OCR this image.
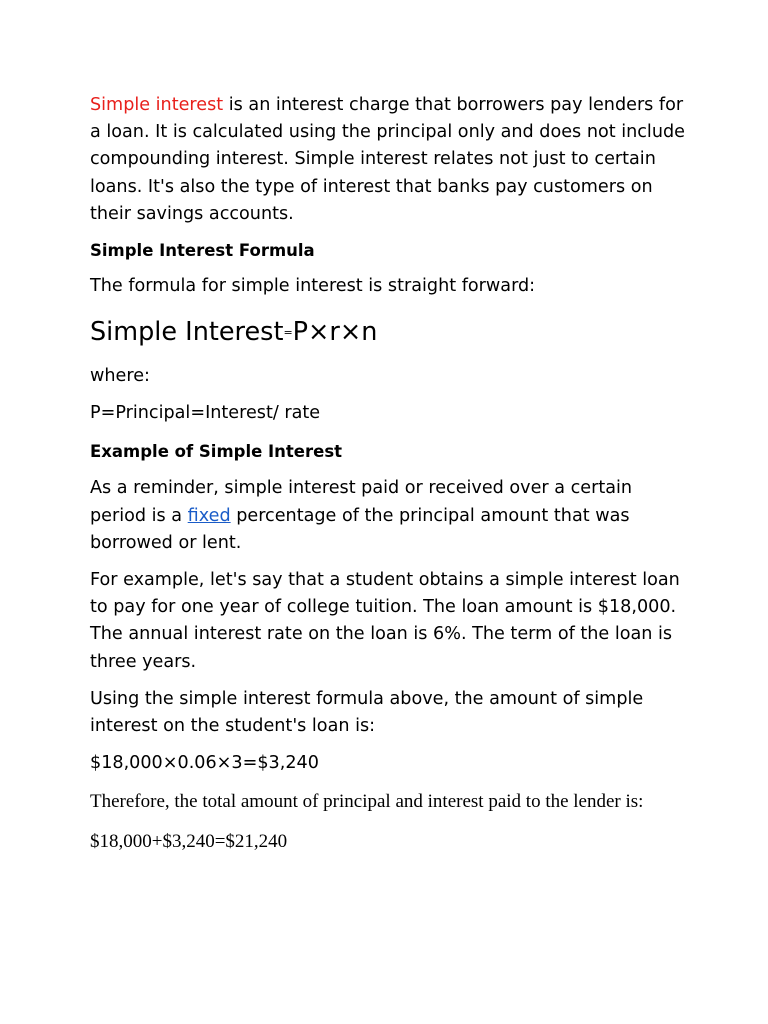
Simple interest is an interest charge that borrowers pay lenders for a loan. It is calculated using the principal only and does not include compounding interest. Simple interest relates not just to certain loans. It's also the type of interest that banks pay customers on their savings accounts.

Simple Interest Formula

The formula for simple interest is straight forward:

Simple Interest=P×r×n

where:

P=Principal=Interest/ rate

Example of Simple Interest

As a reminder, simple interest paid or received over a certain period is a fixed percentage of the principal amount that was borrowed or lent.

For example, let's say that a student obtains a simple interest loan to pay for one year of college tuition. The loan amount is $18,000. The annual interest rate on the loan is 6%. The term of the loan is three years.

Using the simple interest formula above, the amount of simple interest on the student's loan is:

$18,000×0.06×3=$3,240

Therefore, the total amount of principal and interest paid to the lender is:

$18,000+$3,240=$21,240
